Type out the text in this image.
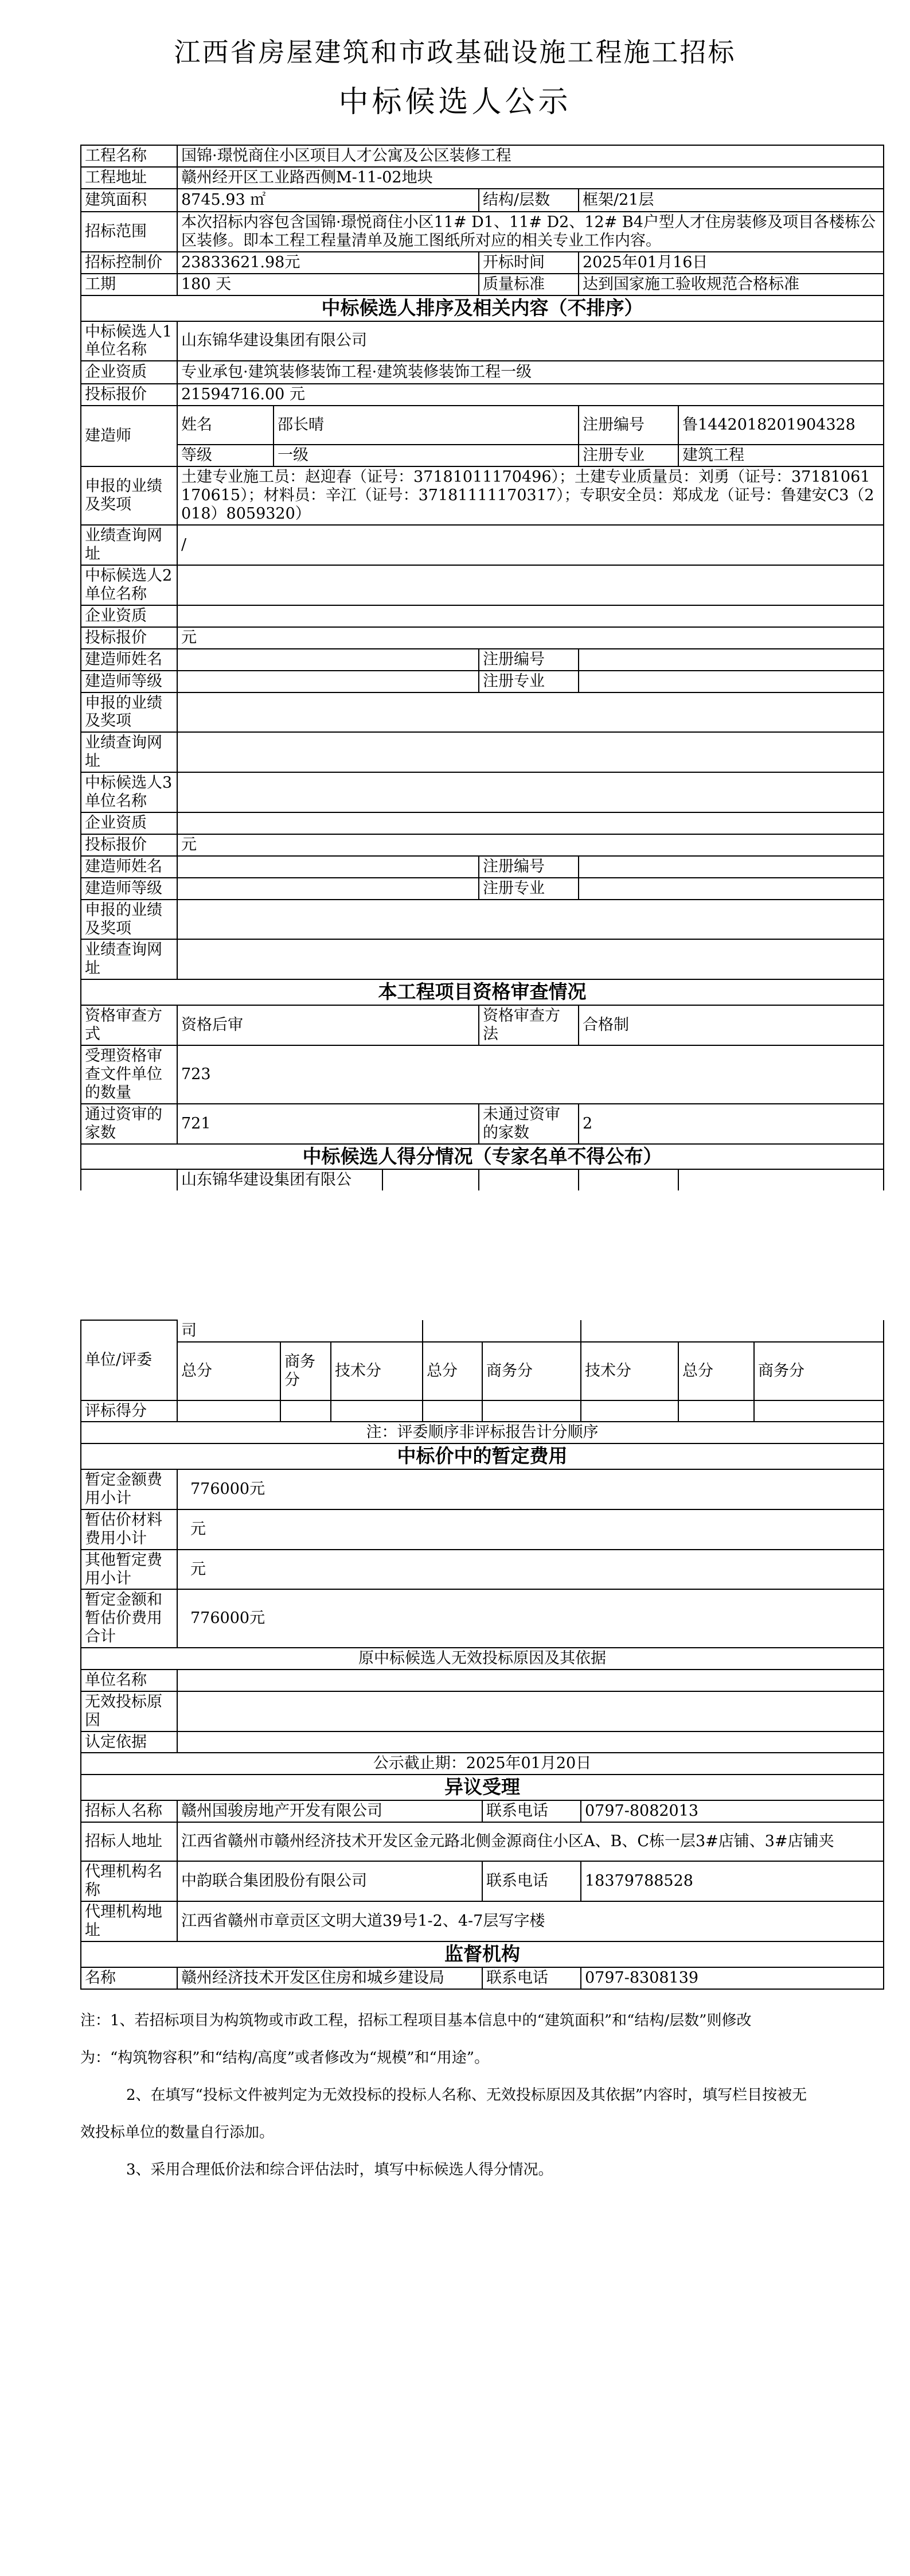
江西省房屋建筑和市政基础设施工程施工招标
中标候选人公示
工程名称	国锦·璟悦商住小区项目人才公寓及公区装修工程					
工程地址	赣州经开区工业路西侧M-11-02地块					
建筑面积	8745.93 ㎡			结构/层数	框架/21层	
招标范围	本次招标内容包含国锦·璟悦商住小区11# D1、11# D2、12# B4户型人才住房装修及项目各楼栋公区装修。即本工程工程量清单及施工图纸所对应的相关专业工作内容。					
招标控制价	23833621.98元			开标时间	2025年01月16日	
工期	180 天			质量标准	达到国家施工验收规范合格标准	
中标候选人排序及相关内容（不排序）						
中标候选人1单位名称	山东锦华建设集团有限公司					
企业资质	专业承包·建筑装修装饰工程·建筑装修装饰工程一级					
投标报价	21594716.00 元					
建造师	姓名	邵长晴			注册编号	鲁1442018201904328
	等级	一级			注册专业	建筑工程
申报的业绩及奖项	土建专业施工员：赵迎春（证号：37181011170496）；土建专业质量员：刘勇（证号：37181061170615）；材料员：辛江（证号：37181111170317）；专职安全员：郑成龙（证号：鲁建安C3（2018）8059320）					
业绩查询网址	/					
中标候选人2单位名称						
企业资质						
投标报价	元					
建造师姓名				注册编号		
建造师等级				注册专业		
申报的业绩及奖项						
业绩查询网址						
中标候选人3单位名称						
企业资质						
投标报价	元					
建造师姓名				注册编号		
建造师等级				注册专业		
申报的业绩及奖项						
业绩查询网址						
本工程项目资格审查情况						
资格审查方式	资格后审			资格审查方法	合格制	
受理资格审查文件单位的数量	723					
通过资审的家数	721			未通过资审的家数	2	
中标候选人得分情况（专家名单不得公布）						
	山东锦华建设集团有限公					
单位/评委	司								
	总分	商务分	技术分	总分	商务分	技术分	总分	商务分	
评标得分									
注：评委顺序非评标报告计分顺序									
中标价中的暂定费用									
暂定金额费用小计	776000元								
暂估价材料费用小计	元								
其他暂定费用小计	元								
暂定金额和暂估价费用合计	776000元								
原中标候选人无效投标原因及其依据									
单位名称									
无效投标原因									
认定依据									
公示截止期：2025年01月20日									
异议受理									
招标人名称	赣州国骏房地产开发有限公司				联系电话	0797-8082013			
招标人地址	江西省赣州市赣州经济技术开发区金元路北侧金源商住小区A、B、C栋一层3#店铺、3#店铺夹								
代理机构名称	中韵联合集团股份有限公司				联系电话	18379788528			
代理机构地址	江西省赣州市章贡区文明大道39号1-2、4-7层写字楼								
监督机构									
名称	赣州经济技术开发区住房和城乡建设局				联系电话	0797-8308139			

注：1、若招标项目为构筑物或市政工程，招标工程项目基本信息中的“建筑面积”和“结构/层数”则修改

为：“构筑物容积”和“结构/高度”或者修改为“规模”和“用途”。

2、在填写“投标文件被判定为无效投标的投标人名称、无效投标原因及其依据”内容时，填写栏目按被无

效投标单位的数量自行添加。

3、采用合理低价法和综合评估法时，填写中标候选人得分情况。
